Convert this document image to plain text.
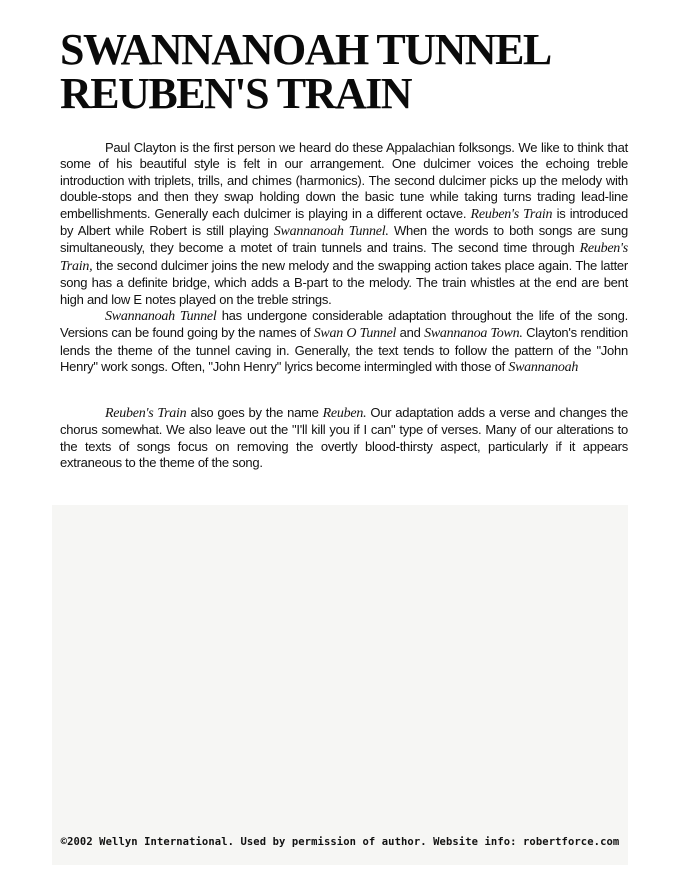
SWANNANOAH TUNNEL
REUBEN'S TRAIN

Paul Clayton is the first person we heard do these Appalachian folksongs. We like to think that some of his beautiful style is felt in our arrangement. One dulcimer voices the echoing treble introduction with triplets, trills, and chimes (harmonics). The second dulcimer picks up the melody with double-stops and then they swap holding down the basic tune while taking turns trading lead-line embellishments. Generally each dulcimer is playing in a different octave. Reuben's Train is introduced by Albert while Robert is still playing Swannanoah Tunnel. When the words to both songs are sung simultaneously, they become a motet of train tunnels and trains. The second time through Reuben's Train, the second dulcimer joins the new melody and the swapping action takes place again. The latter song has a definite bridge, which adds a B-part to the melody. The train whistles at the end are bent high and low E notes played on the treble strings.

Swannanoah Tunnel has undergone considerable adaptation throughout the life of the song. Versions can be found going by the names of Swan O Tunnel and Swannanoa Town. Clayton's rendition lends the theme of the tunnel caving in. Generally, the text tends to follow the pattern of the "John Henry" work songs. Often, "John Henry" lyrics become intermingled with those of Swannanoah

Reuben's Train also goes by the name Reuben. Our adaptation adds a verse and changes the chorus somewhat. We also leave out the "I'll kill you if I can" type of verses. Many of our alterations to the texts of songs focus on removing the overtly blood-thirsty aspect, particularly if it appears extraneous to the theme of the song.

©2002 Wellyn International. Used by permission of author. Website info: robertforce.com
